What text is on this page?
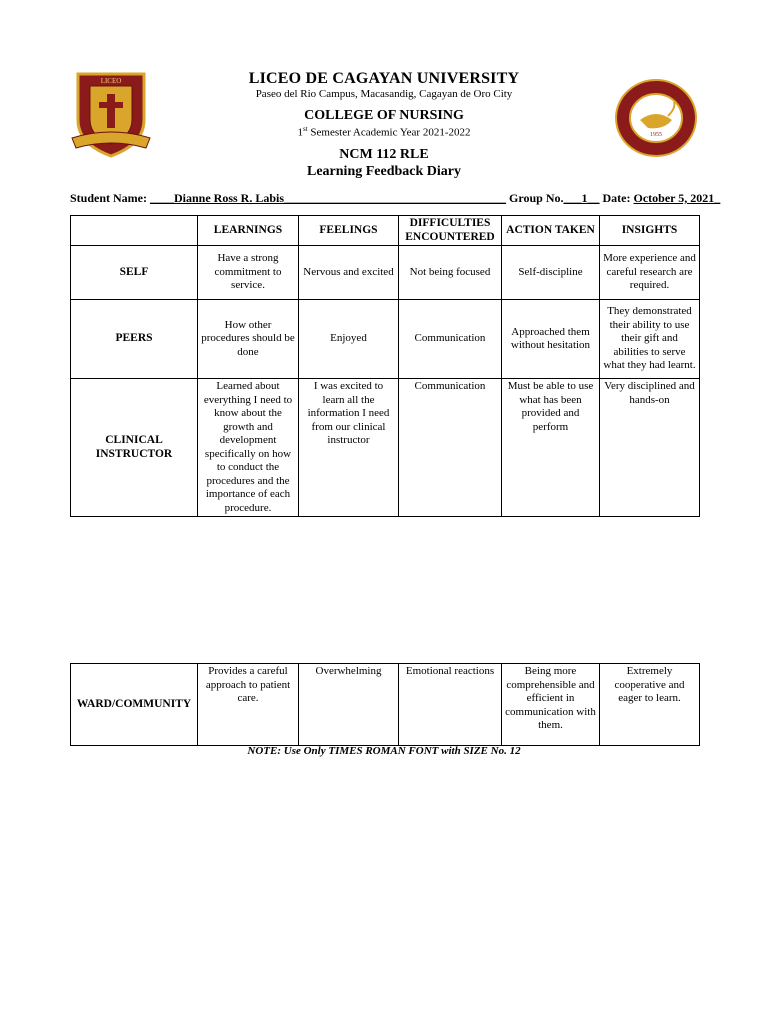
LICEO
1955
LICEO DE CAGAYAN UNIVERSITY
Paseo del Rio Campus, Macasandig, Cagayan de Oro City
COLLEGE OF NURSING
1st Semester Academic Year 2021-2022
NCM 112 RLE
Learning Feedback Diary
Student Name: ____Dianne Ross R. Labis_____________________________________ Group No.___1__ Date: October 5, 2021_
	LEARNINGS	FEELINGS	DIFFICULTIES ENCOUNTERED	ACTION TAKEN	INSIGHTS
SELF	Have a strong commitment to service.	Nervous and excited	Not being focused	Self-discipline	More experience and careful research are required.
PEERS	How other procedures should be done	Enjoyed	Communication	Approached them without hesitation	They demonstrated their ability to use their gift and abilities to serve what they had learnt.
CLINICAL INSTRUCTOR	Learned about everything I need to know about the growth and development specifically on how to conduct the procedures and the importance of each procedure.	I was excited to learn all the information I need from our clinical instructor	Communication	Must be able to use what has been provided and perform	Very disciplined and hands-on
WARD/COMMUNITY	Provides a careful approach to patient care.	Overwhelming	Emotional reactions	Being more comprehensible and efficient in communication with them.	Extremely cooperative and eager to learn.
NOTE: Use Only TIMES ROMAN FONT with SIZE No. 12
